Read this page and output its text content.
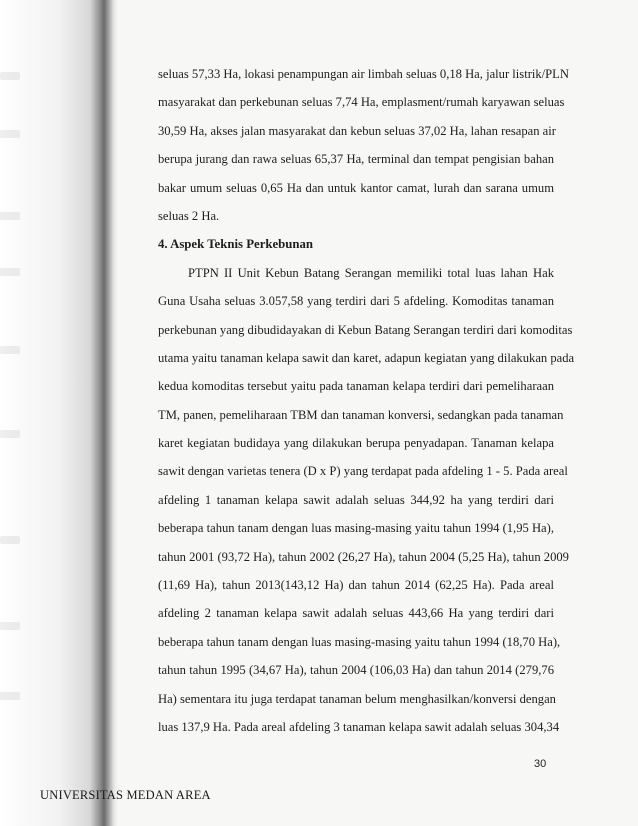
seluas 57,33 Ha, lokasi penampungan air limbah seluas 0,18 Ha, jalur listrik/PLN
masyarakat dan perkebunan seluas 7,74 Ha, emplasment/rumah karyawan seluas
30,59 Ha, akses jalan masyarakat dan kebun seluas 37,02 Ha, lahan resapan air
berupa jurang dan rawa seluas 65,37 Ha, terminal dan tempat pengisian bahan
bakar umum seluas 0,65 Ha dan untuk kantor camat, lurah dan sarana umum
seluas 2 Ha.
4. Aspek Teknis Perkebunan
PTPN II Unit Kebun Batang Serangan memiliki total luas lahan Hak
Guna Usaha seluas 3.057,58 yang terdiri dari 5 afdeling. Komoditas tanaman
perkebunan yang dibudidayakan di Kebun Batang Serangan terdiri dari komoditas
utama yaitu tanaman kelapa sawit dan karet, adapun kegiatan yang dilakukan pada
kedua komoditas tersebut yaitu pada tanaman kelapa terdiri dari pemeliharaan
TM, panen, pemeliharaan TBM dan tanaman konversi, sedangkan pada tanaman
karet kegiatan budidaya yang dilakukan berupa penyadapan. Tanaman kelapa
sawit dengan varietas tenera (D x P) yang terdapat pada afdeling 1 - 5. Pada areal
afdeling 1 tanaman kelapa sawit adalah seluas 344,92 ha yang terdiri dari
beberapa tahun tanam dengan luas masing-masing yaitu tahun 1994 (1,95 Ha),
tahun 2001 (93,72 Ha), tahun 2002 (26,27 Ha), tahun 2004 (5,25 Ha), tahun 2009
(11,69 Ha), tahun 2013(143,12 Ha) dan tahun 2014 (62,25 Ha). Pada areal
afdeling 2 tanaman kelapa sawit adalah seluas 443,66 Ha yang terdiri dari
beberapa tahun tanam dengan luas masing-masing yaitu tahun 1994 (18,70 Ha),
tahun tahun 1995 (34,67 Ha), tahun 2004 (106,03 Ha) dan tahun 2014 (279,76
Ha) sementara itu juga terdapat tanaman belum menghasilkan/konversi dengan
luas 137,9 Ha. Pada areal afdeling 3 tanaman kelapa sawit adalah seluas 304,34
30
UNIVERSITAS MEDAN AREA
